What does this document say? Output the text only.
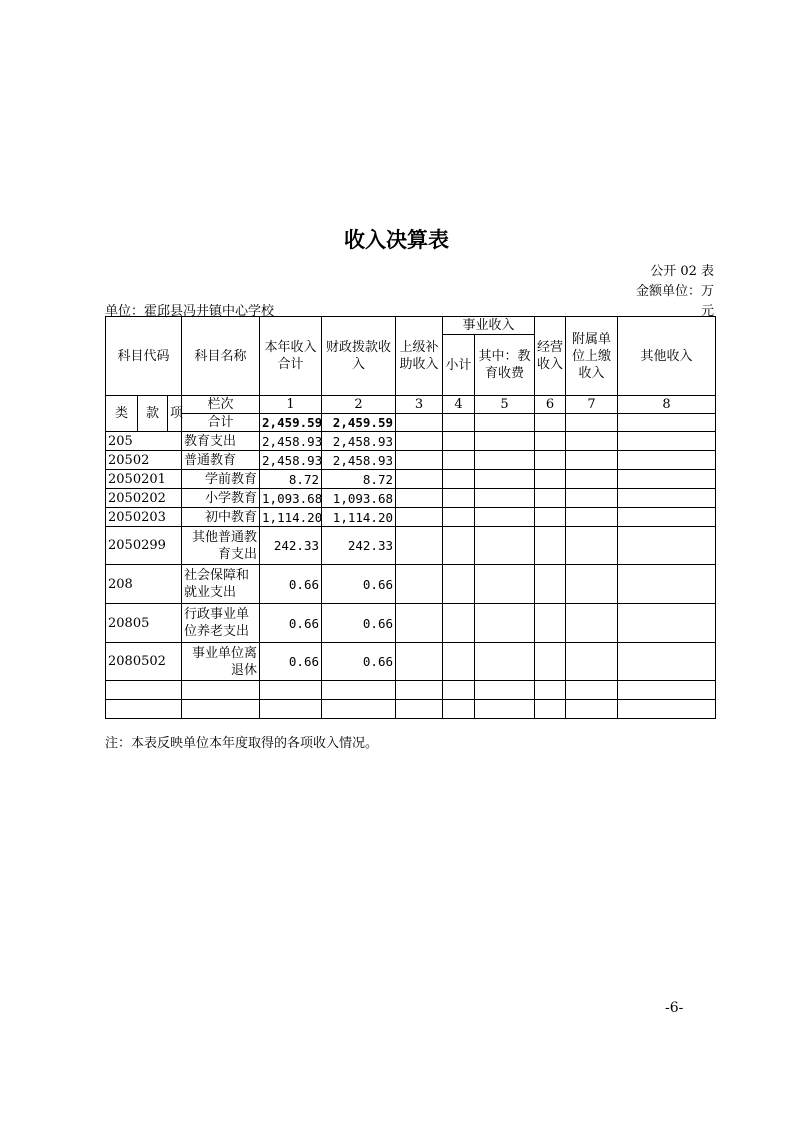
收入决算表
公开 02 表
金额单位：万
元
单位：霍邱县冯井镇中心学校
科目代码			科目名称	本年收入合计	财政拨款收入	上级补助收入	事业收入		经营收入	附属单位上缴收入	其他收入
							小计	其中：教育收费			

类	款	项	栏次	1	2	3	4	5	6	7	8
			合计	2,459.59	2,459.59						
205			教育支出	2,458.93	2,458.93						
20502			普通教育	2,458.93	2,458.93						
2050201			学前教育	8.72	8.72						
2050202			小学教育	1,093.68	1,093.68						
2050203			初中教育	1,114.20	1,114.20						
2050299			其他普通教育支出	242.33	242.33						
208			社会保障和就业支出	0.66	0.66						
20805			行政事业单位养老支出	0.66	0.66						
2080502			事业单位离退休	0.66	0.66						

注：本表反映单位本年度取得的各项收入情况。
-6-
